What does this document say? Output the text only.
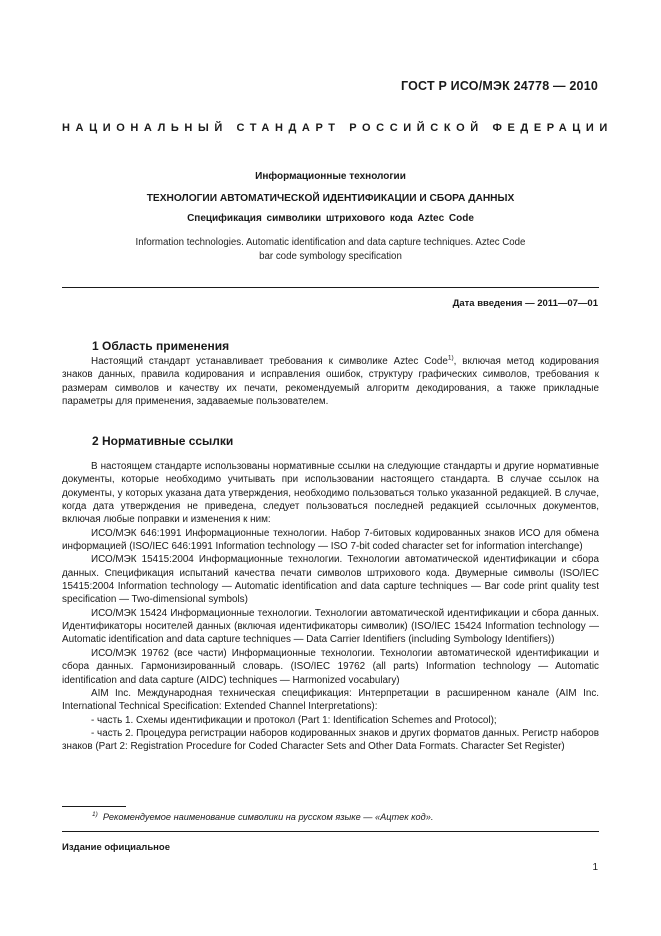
ГОСТ Р ИСО/МЭК 24778 — 2010
НАЦИОНАЛЬНЫЙ СТАНДАРТ РОССИЙСКОЙ ФЕДЕРАЦИИ
Информационные технологии
ТЕХНОЛОГИИ АВТОМАТИЧЕСКОЙ ИДЕНТИФИКАЦИИ И СБОРА ДАННЫХ
Спецификация символики штрихового кода Aztec Code
Information technologies. Automatic identification and data capture techniques. Aztec Code
bar code symbology specification
Дата введения — 2011—07—01
1 Область применения

Настоящий стандарт устанавливает требования к символике Aztec Code$^{1)}$, включая метод кодирования знаков данных, правила кодирования и исправления ошибок, структуру графических символов, требования к размерам символов и качеству их печати, рекомендуемый алгоритм декодирования, а также прикладные параметры для применения, задаваемые пользователем.

2 Нормативные ссылки

В настоящем стандарте использованы нормативные ссылки на следующие стандарты и другие нормативные документы, которые необходимо учитывать при использовании настоящего стандарта. В случае ссылок на документы, у которых указана дата утверждения, необходимо пользоваться только указанной редакцией. В случае, когда дата утверждения не приведена, следует пользоваться последней редакцией ссылочных документов, включая любые поправки и изменения к ним:

ИСО/МЭК 646:1991 Информационные технологии. Набор 7-битовых кодированных знаков ИСО для обмена информацией (ISO/IEC 646:1991 Information technology — ISO 7-bit coded character set for information interchange)

ИСО/МЭК 15415:2004 Информационные технологии. Технологии автоматической идентификации и сбора данных. Спецификация испытаний качества печати символов штрихового кода. Двумерные символы (ISO/IEC 15415:2004 Information technology — Automatic identification and data capture techniques — Bar code print quality test specification — Two-dimensional symbols)

ИСО/МЭК 15424 Информационные технологии. Технологии автоматической идентификации и сбора данных. Идентификаторы носителей данных (включая идентификаторы символик) (ISO/IEC 15424 Information technology — Automatic identification and data capture techniques — Data Carrier Identifiers (including Symbology Identifiers))

ИСО/МЭК 19762 (все части) Информационные технологии. Технологии автоматической идентификации и сбора данных. Гармонизированный словарь. (ISO/IEC 19762 (all parts) Information technology — Automatic identification and data capture (AIDC) techniques — Harmonized vocabulary)

AIM Inc. Международная техническая спецификация: Интерпретации в расширенном канале (AIM Inc. International Technical Specification: Extended Channel Interpretations):

- часть 1. Схемы идентификации и протокол (Part 1: Identification Schemes and Protocol);

- часть 2. Процедура регистрации наборов кодированных знаков и других форматов данных. Регистр наборов знаков (Part 2: Registration Procedure for Coded Character Sets and Other Data Formats. Character Set Register)

$^{1)}$ Рекомендуемое наименование символики на русском языке — «Ацтек код».
Издание официальное
1
